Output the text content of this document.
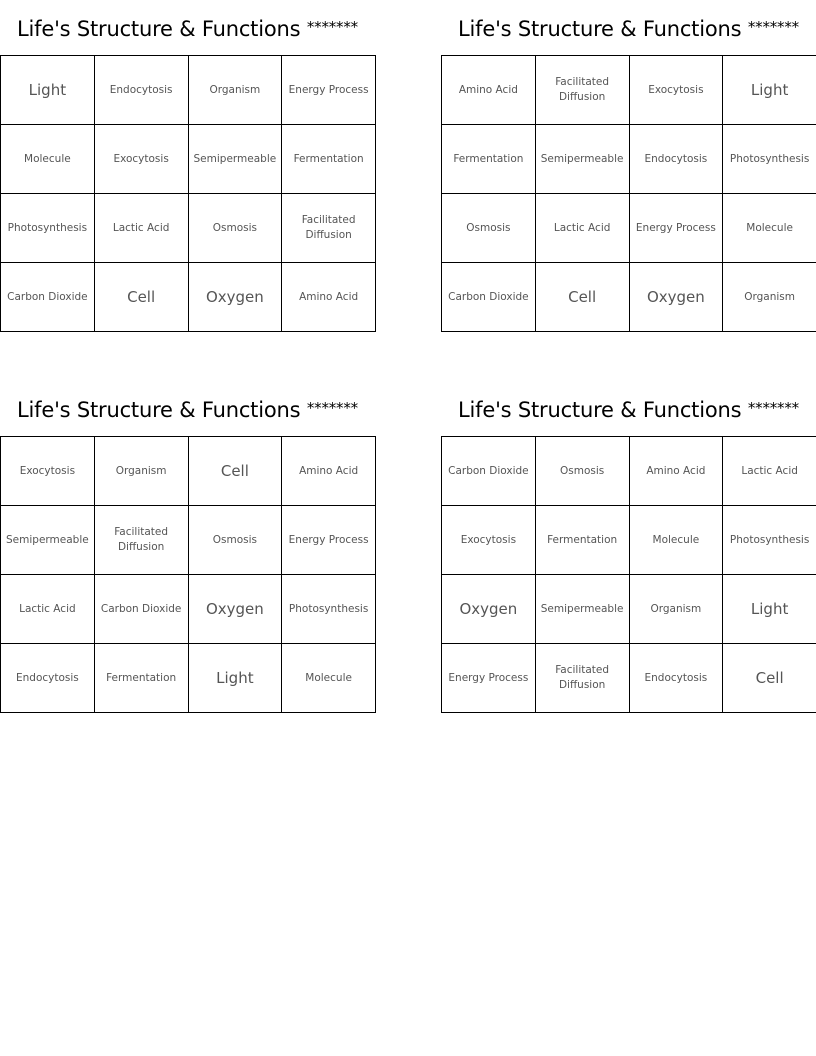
Life's Structure & Functions *******
Light	Endocytosis	Organism	Energy Process
Molecule	Exocytosis	Semipermeable	Fermentation
Photosynthesis	Lactic Acid	Osmosis	Facilitated Diffusion
Carbon Dioxide	Cell	Oxygen	Amino Acid
Life's Structure & Functions *******
Amino Acid	Facilitated Diffusion	Exocytosis	Light
Fermentation	Semipermeable	Endocytosis	Photosynthesis
Osmosis	Lactic Acid	Energy Process	Molecule
Carbon Dioxide	Cell	Oxygen	Organism
Life's Structure & Functions *******
Exocytosis	Organism	Cell	Amino Acid
Semipermeable	Facilitated Diffusion	Osmosis	Energy Process
Lactic Acid	Carbon Dioxide	Oxygen	Photosynthesis
Endocytosis	Fermentation	Light	Molecule
Life's Structure & Functions *******
Carbon Dioxide	Osmosis	Amino Acid	Lactic Acid
Exocytosis	Fermentation	Molecule	Photosynthesis
Oxygen	Semipermeable	Organism	Light
Energy Process	Facilitated Diffusion	Endocytosis	Cell
